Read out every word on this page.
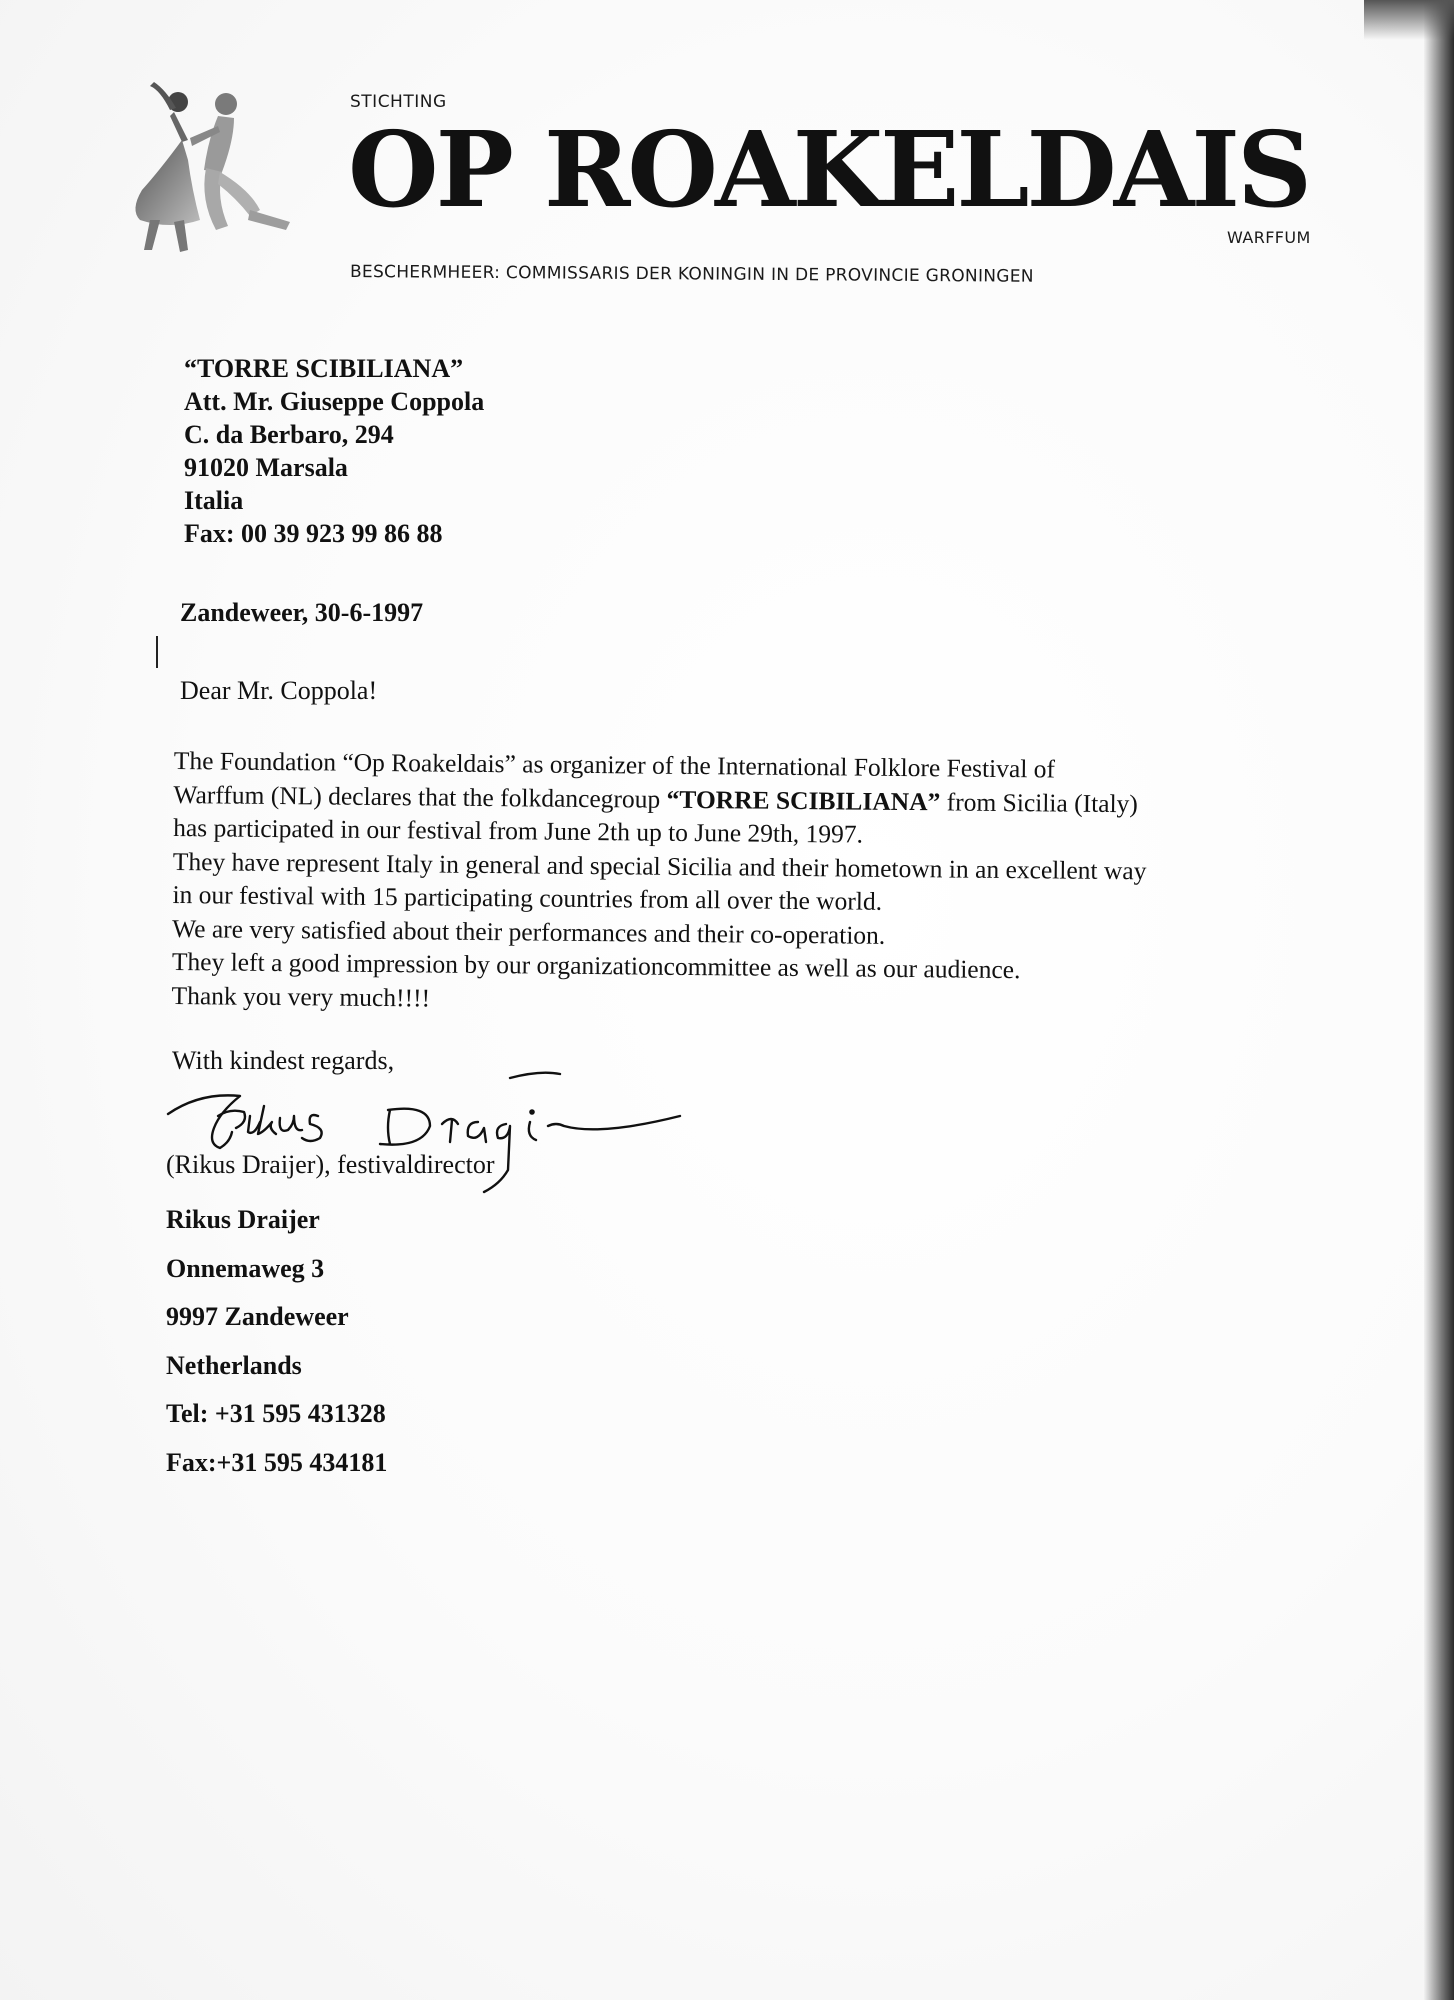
STICHTING
OP ROAKELDAIS
WARFFUM
BESCHERMHEER: COMMISSARIS DER KONINGIN IN DE PROVINCIE GRONINGEN
“TORRE SCIBILIANA”
Att. Mr. Giuseppe Coppola
C. da Berbaro, 294
91020 Marsala
Italia
Fax: 00 39 923 99 86 88
Zandeweer, 30-6-1997
Dear Mr. Coppola!
The Foundation “Op Roakeldais” as organizer of the International Folklore Festival of
Warffum (NL) declares that the folkdancegroup “TORRE SCIBILIANA” from Sicilia (Italy)
has participated in our festival from June 2th up to June 29th, 1997.
They have represent Italy in general and special Sicilia and their hometown in an excellent way
in our festival with 15 participating countries from all over the world.
We are very satisfied about their performances and their co-operation.
They left a good impression by our organizationcommittee as well as our audience.
Thank you very much!!!!
With kindest regards,
(Rikus Draijer), festivaldirector
Rikus Draijer
Onnemaweg 3
9997 Zandeweer
Netherlands
Tel: +31 595 431328
Fax:+31 595 434181
